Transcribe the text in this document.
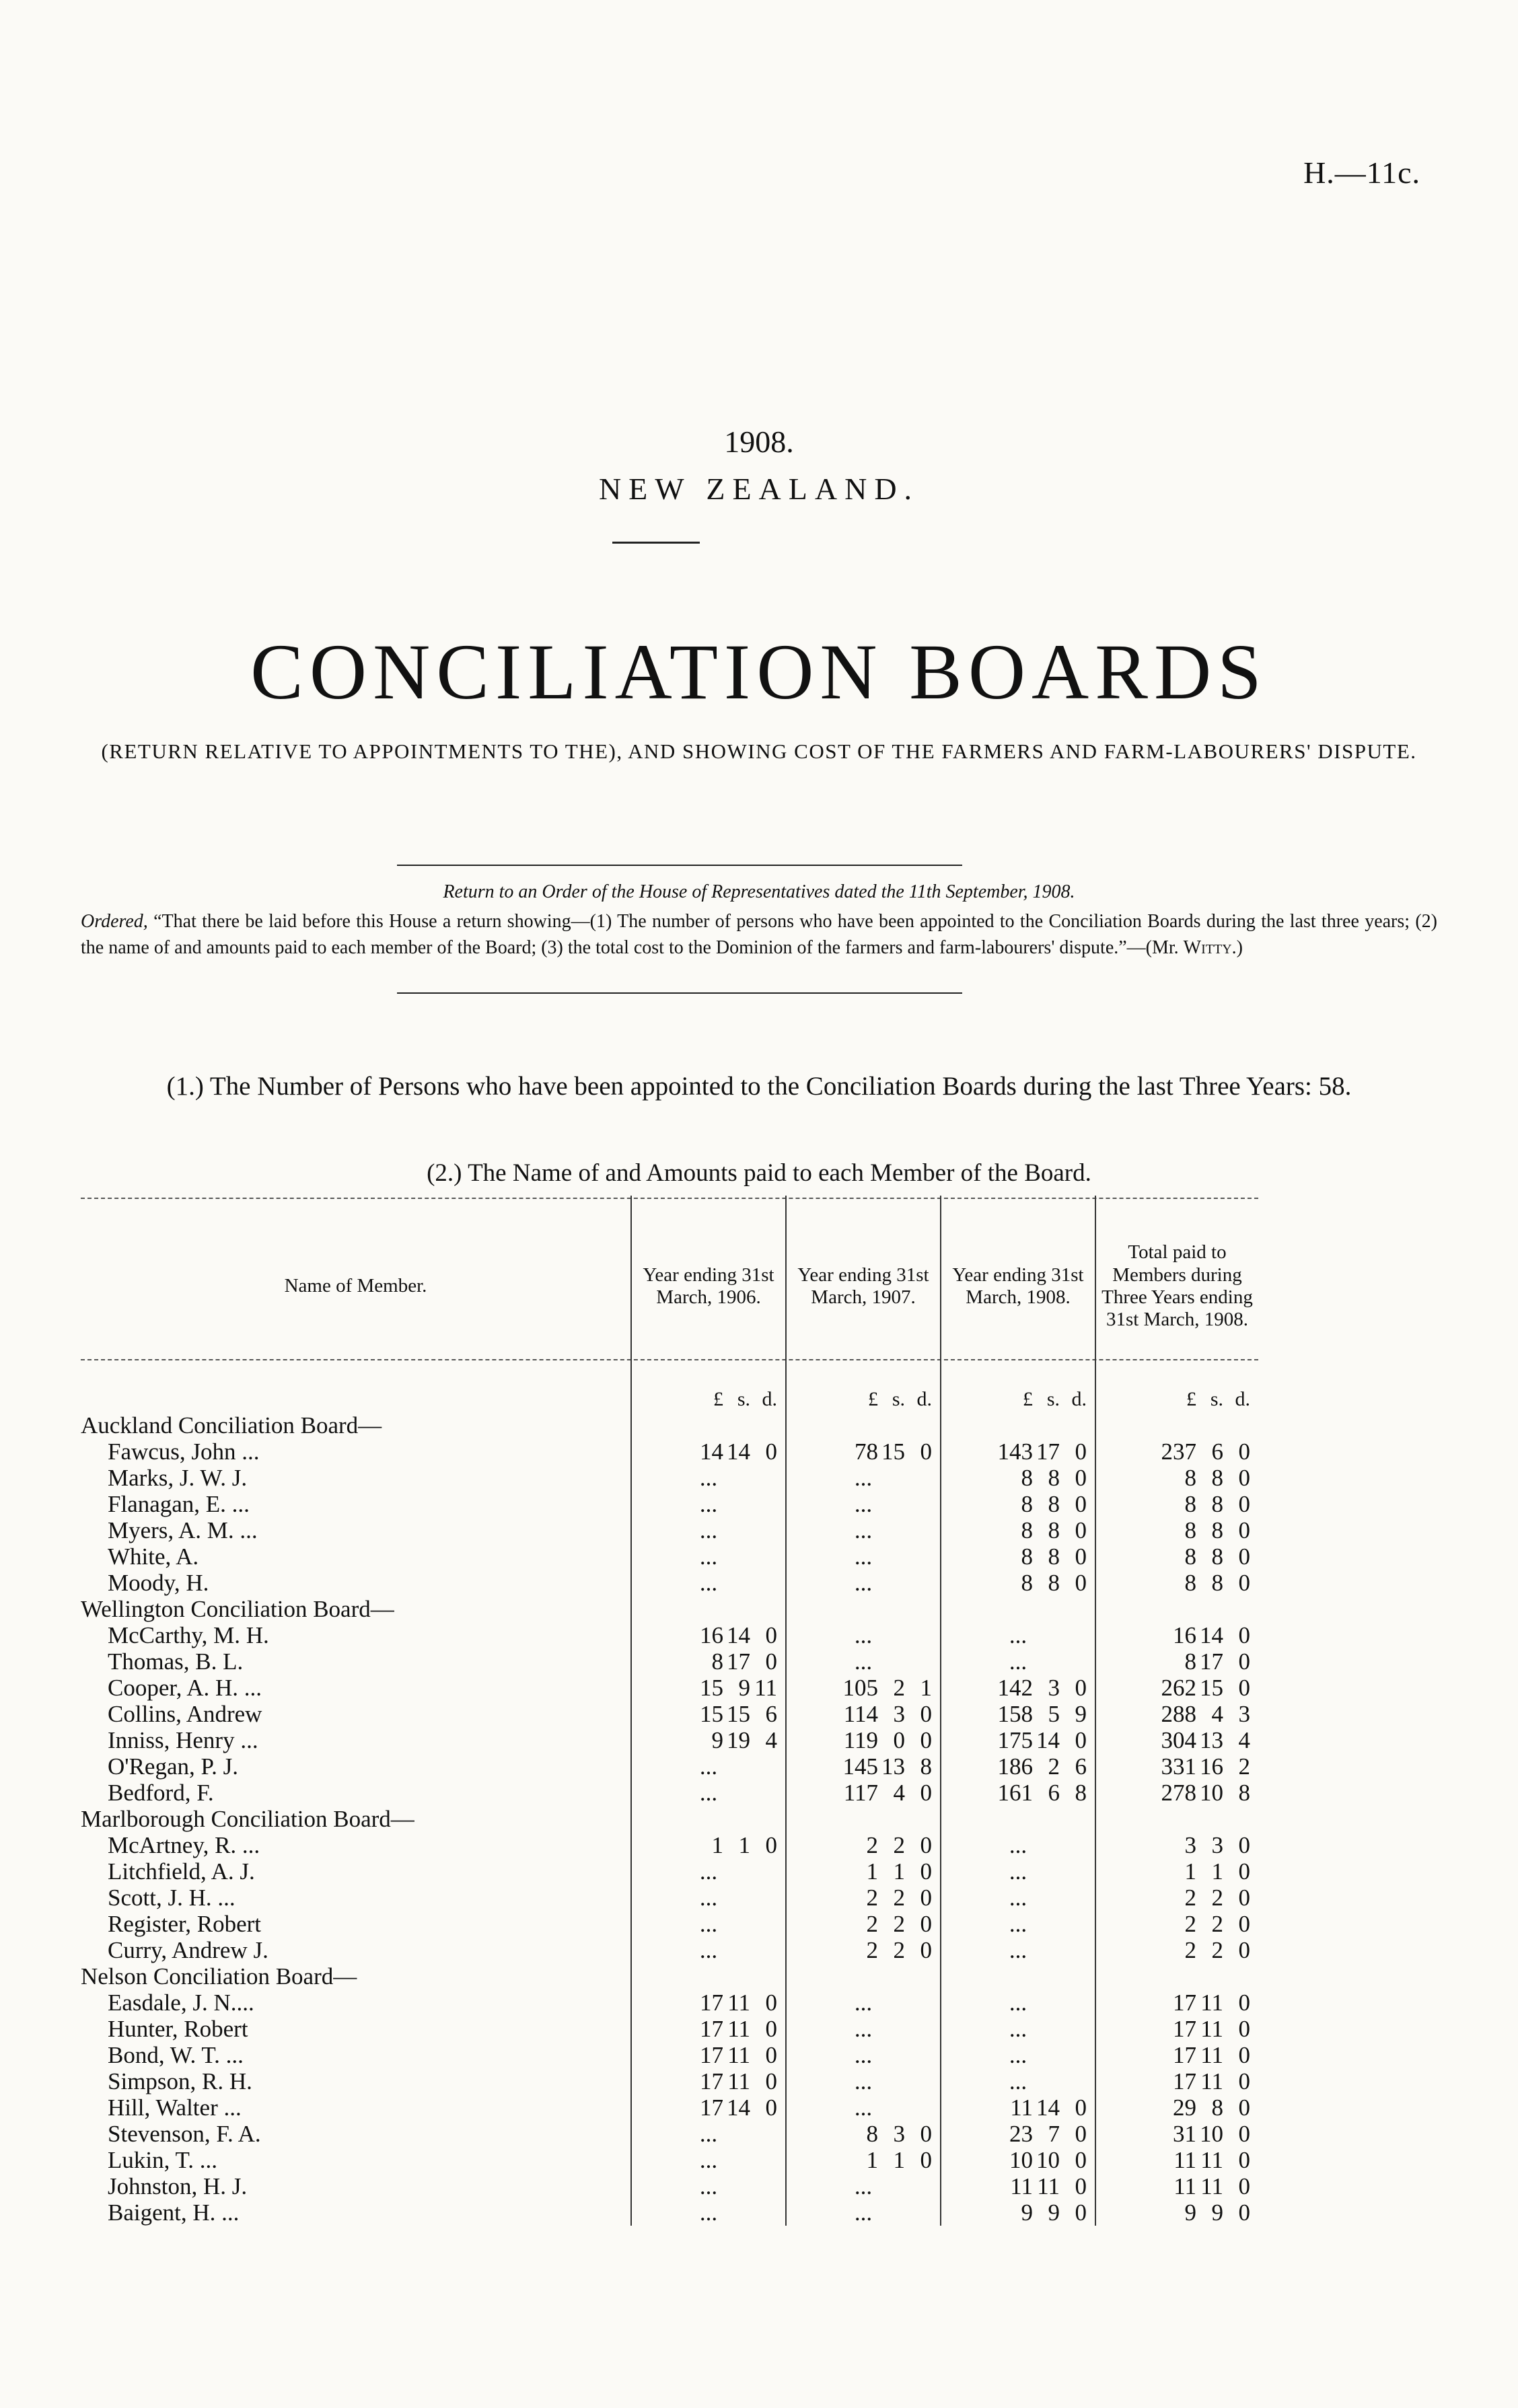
H.—11c.
1908.
NEW ZEALAND.
CONCILIATION BOARDS
(RETURN RELATIVE TO APPOINTMENTS TO THE), AND SHOWING COST OF THE FARMERS AND FARM-LABOURERS' DISPUTE.
Return to an Order of the House of Representatives dated the 11th September, 1908.
Ordered, “That there be laid before this House a return showing—(1) The number of persons who have been appointed to the Conciliation Boards during the last three years; (2) the name of and amounts paid to each member of the Board; (3) the total cost to the Dominion of the farmers and farm-labourers' dispute.”—(Mr. Witty.)
(1.) The Number of Persons who have been appointed to the Conciliation Boards during the last Three Years: 58.
(2.) The Name of and Amounts paid to each Member of the Board.
Name of Member.	Year ending 31st March, 1906.	Year ending 31st March, 1907.	Year ending 31st March, 1908.	Total paid to Members during Three Years ending 31st March, 1908.
	£ s. d.	£ s. d.	£ s. d.	£ s. d.
Auckland Conciliation Board—				
Fawcus, John ...	14 14 0	78 15 0	143 17 0	237 6 0
Marks, J. W. J.	...	...	8 8 0	8 8 0
Flanagan, E. ...	...	...	8 8 0	8 8 0
Myers, A. M. ...	...	...	8 8 0	8 8 0
White, A.	...	...	8 8 0	8 8 0
Moody, H.	...	...	8 8 0	8 8 0
Wellington Conciliation Board—				
McCarthy, M. H.	16 14 0	...	...	16 14 0
Thomas, B. L.	8 17 0	...	...	8 17 0
Cooper, A. H. ...	15 9 11	105 2 1	142 3 0	262 15 0
Collins, Andrew	15 15 6	114 3 0	158 5 9	288 4 3
Inniss, Henry ...	9 19 4	119 0 0	175 14 0	304 13 4
O'Regan, P. J.	...	145 13 8	186 2 6	331 16 2
Bedford, F.	...	117 4 0	161 6 8	278 10 8
Marlborough Conciliation Board—				
McArtney, R. ...	1 1 0	2 2 0	...	3 3 0
Litchfield, A. J.	...	1 1 0	...	1 1 0
Scott, J. H. ...	...	2 2 0	...	2 2 0
Register, Robert	...	2 2 0	...	2 2 0
Curry, Andrew J.	...	2 2 0	...	2 2 0
Nelson Conciliation Board—				
Easdale, J. N....	17 11 0	...	...	17 11 0
Hunter, Robert	17 11 0	...	...	17 11 0
Bond, W. T. ...	17 11 0	...	...	17 11 0
Simpson, R. H.	17 11 0	...	...	17 11 0
Hill, Walter ...	17 14 0	...	11 14 0	29 8 0
Stevenson, F. A.	...	8 3 0	23 7 0	31 10 0
Lukin, T. ...	...	1 1 0	10 10 0	11 11 0
Johnston, H. J.	...	...	11 11 0	11 11 0
Baigent, H. ...	...	...	9 9 0	9 9 0
